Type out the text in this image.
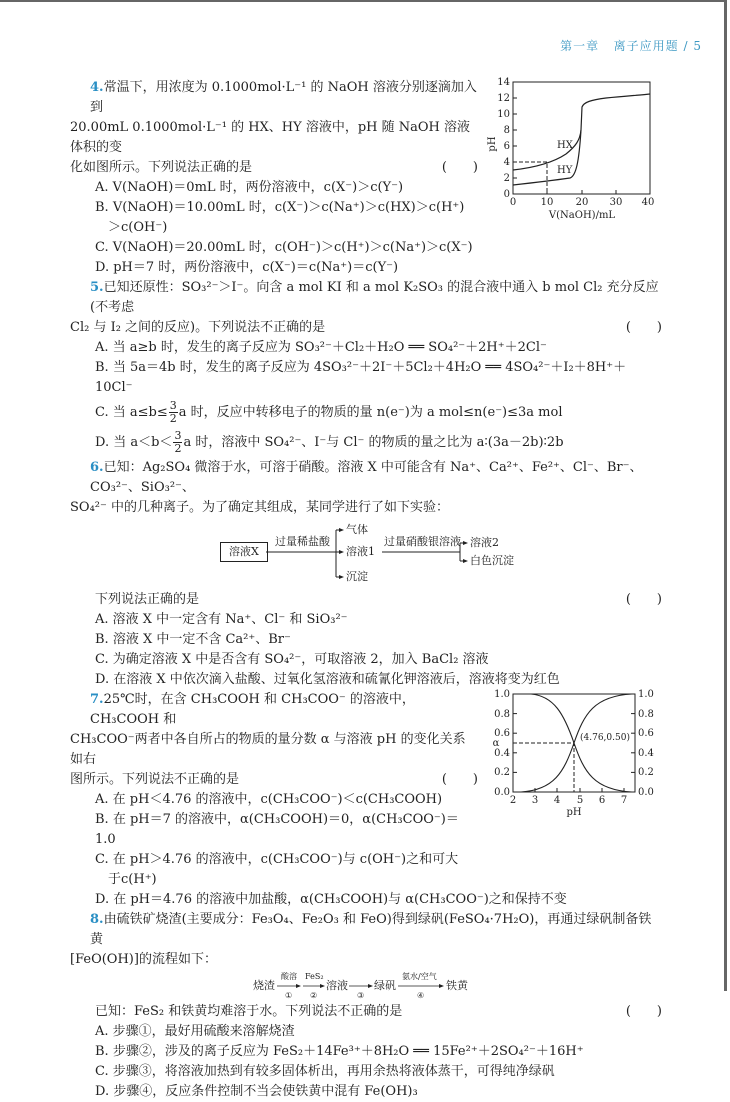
第一章 离子应用题 / 5
0
2
4
6
8
10
12
14
0 10 20 30 40
V(NaOH)/mL
pH	HX
HY
4.常温下，用浓度为 0.1000mol·L⁻¹ 的 NaOH 溶液分别逐滴加入到
20.00mL 0.1000mol·L⁻¹ 的 HX、HY 溶液中，pH 随 NaOH 溶液体积的变
化如图所示。下列说法正确的是	(　　)
A. V(NaOH)＝0mL 时，两份溶液中，c(X⁻)＞c(Y⁻)
B. V(NaOH)＝10.00mL 时，c(X⁻)＞c(Na⁺)＞c(HX)＞c(H⁺)
＞c(OH⁻)
C. V(NaOH)＝20.00mL 时，c(OH⁻)＞c(H⁺)＞c(Na⁺)＞c(X⁻)
D. pH＝7 时，两份溶液中，c(X⁻)＝c(Na⁺)＝c(Y⁻)
5.已知还原性：SO₃²⁻＞I⁻。向含 a mol KI 和 a mol K₂SO₃ 的混合液中通入 b mol Cl₂ 充分反应(不考虑
Cl₂ 与 I₂ 之间的反应)。下列说法不正确的是	(　　)
A. 当 a≥b 时，发生的离子反应为 SO₃²⁻＋Cl₂＋H₂O ══ SO₄²⁻＋2H⁺＋2Cl⁻
B. 当 5a＝4b 时，发生的离子反应为 4SO₃²⁻＋2I⁻＋5Cl₂＋4H₂O ══ 4SO₄²⁻＋I₂＋8H⁺＋10Cl⁻
C. 当 $a\le b\le \frac{3}{2}$ a 时，反应中转移电子的物质的量 n(e⁻)为 a mol≤n(e⁻)≤3a mol
D. 当 $a<b< \frac{3}{2}$ a 时，溶液中 SO₄²⁻、I⁻与 Cl⁻ 的物质的量之比为 a∶(3a－2b)∶2b
6.已知：Ag₂SO₄ 微溶于水，可溶于硝酸。溶液 X 中可能含有 Na⁺、Ca²⁺、Fe²⁺、Cl⁻、Br⁻、CO₃²⁻、SiO₃²⁻、
SO₄²⁻ 中的几种离子。为了确定其组成，某同学进行了如下实验：
溶液X
过量稀盐酸
气体
溶液1
沉淀
过量硝酸银溶液 溶液2
白色沉淀
下列说法正确的是	(　　)
A. 溶液 X 中一定含有 Na⁺、Cl⁻ 和 SiO₃²⁻
B. 溶液 X 中一定不含 Ca²⁺、Br⁻
C. 为确定溶液 X 中是否含有 SO₄²⁻，可取溶液 2，加入 BaCl₂ 溶液
D. 在溶液 X 中依次滴入盐酸、过氧化氢溶液和硫氰化钾溶液后，溶液将变为红色
0.0
0.2
0.4
0.6
0.8
1.0
0.0
0.2
0.4
0.6
0.8
1.0
2 3 4 5 6 7
pH
α	(4.76,0.50)
7.25℃时，在含 CH₃COOH 和 CH₃COO⁻ 的溶液中，CH₃COOH 和
CH₃COO⁻两者中各自所占的物质的量分数 α 与溶液 pH 的变化关系如右
图所示。下列说法不正确的是	(　　)
A. 在 pH＜4.76 的溶液中，c(CH₃COO⁻)＜c(CH₃COOH)
B. 在 pH＝7 的溶液中，α(CH₃COOH)＝0，α(CH₃COO⁻)＝1.0
C. 在 pH＞4.76 的溶液中，c(CH₃COO⁻)与 c(OH⁻)之和可大
于c(H⁺)
D. 在 pH＝4.76 的溶液中加盐酸，α(CH₃COOH)与 α(CH₃COO⁻)之和保持不变
8.由硫铁矿烧渣(主要成分：Fe₃O₄、Fe₂O₃ 和 FeO)得到绿矾(FeSO₄·7H₂O)，再通过绿矾制备铁黄
[FeO(OH)]的流程如下：
烧渣
酸溶
①
FeS₂
②
溶液
③
绿矾
氨水/空气
④
铁黄
已知：FeS₂ 和铁黄均难溶于水。下列说法不正确的是	(　　)
A. 步骤①，最好用硫酸来溶解烧渣
B. 步骤②，涉及的离子反应为 FeS₂＋14Fe³⁺＋8H₂O ══ 15Fe²⁺＋2SO₄²⁻＋16H⁺
C. 步骤③，将溶液加热到有较多固体析出，再用余热将液体蒸干，可得纯净绿矾
D. 步骤④，反应条件控制不当会使铁黄中混有 Fe(OH)₃
